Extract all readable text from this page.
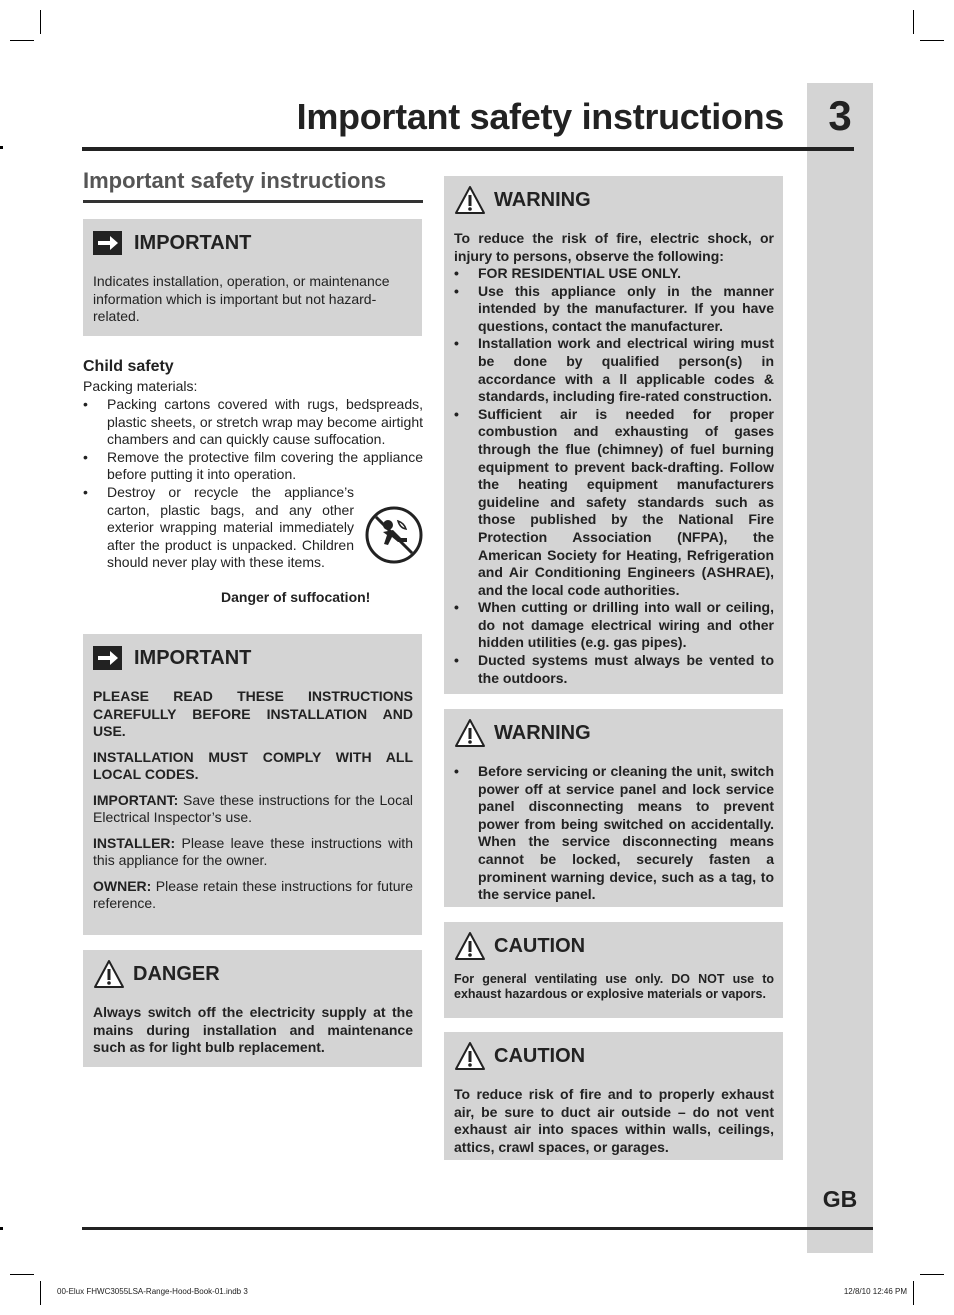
3
GB
Important safety instructions
Important safety instructions
IMPORTANT

Indicates installation, operation, or maintenance information which is important but not hazard-related.

Child safety
Packing materials:
• Packing cartons covered with rugs, bedspreads, plastic sheets, or stretch wrap may become airtight chambers and can quickly cause suffocation.
• Remove the protective film covering the appliance before putting it into operation.
• Destroy or recycle the appliance’s carton, plastic bags, and any other exterior wrapping material immediately after the product is unpacked. Children should never play with these items.
Danger of suffocation!
IMPORTANT

PLEASE READ THESE INSTRUCTIONS CAREFULLY BEFORE INSTALLATION AND USE.

INSTALLATION MUST COMPLY WITH ALL LOCAL CODES.

IMPORTANT: Save these instructions for the Local Electrical Inspector’s use.

INSTALLER: Please leave these instructions with this appliance for the owner.

OWNER: Please retain these instructions for future reference.

DANGER

Always switch off the electricity supply at the mains during installation and maintenance such as for light bulb replacement.

WARNING

To reduce the risk of fire, electric shock, or injury to persons, observe the following:

• FOR RESIDENTIAL USE ONLY.
• Use this appliance only in the manner intended by the manufacturer. If you have questions, contact the manufacturer.
• Installation work and electrical wiring must be done by qualified person(s) in accordance with a ll applicable codes & standards, including fire-rated construction.
• Sufficient air is needed for proper combustion and exhausting of gases through the flue (chimney) of fuel burning equipment to prevent back-drafting. Follow the heating equipment manufacturers guideline and safety standards such as those published by the National Fire Protection Association (NFPA), the American Society for Heating, Refrigeration and Air Conditioning Engineers (ASHRAE), and the local code authorities.
• When cutting or drilling into wall or ceiling, do not damage electrical wiring and other hidden utilities (e.g. gas pipes).
• Ducted systems must always be vented to the outdoors.
WARNING
• Before servicing or cleaning the unit, switch power off at service panel and lock service panel disconnecting means to prevent power from being switched on accidentally. When the service disconnecting means cannot be locked, securely fasten a prominent warning device, such as a tag, to the service panel.
CAUTION

For general ventilating use only. DO NOT use to exhaust hazardous or explosive materials or vapors.

CAUTION

To reduce risk of fire and to properly exhaust air, be sure to duct air outside – do not vent exhaust air into spaces within walls, ceilings, attics, crawl spaces, or garages.

00-Elux FHWC3055LSA-Range-Hood-Book-01.indb 3	12/8/10 12:46 PM
